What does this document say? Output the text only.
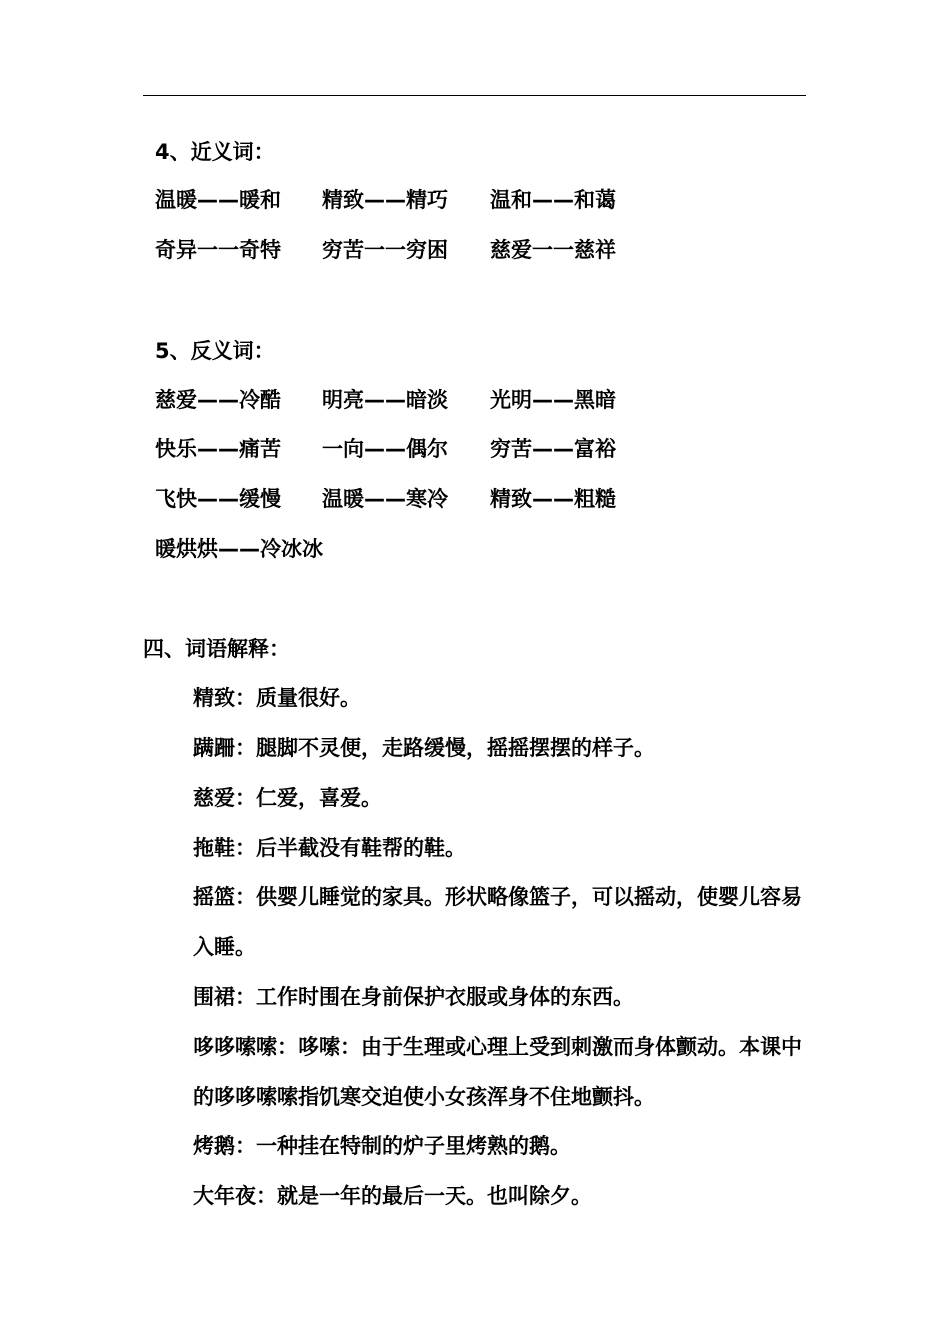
4、近义词：
温暖——暖和 精致——精巧 温和——和蔼
奇异一一奇特 穷苦一一穷困 慈爱一一慈祥
5、反义词：
慈爱——冷酷 明亮——暗淡 光明——黑暗
快乐——痛苦 一向——偶尔 穷苦——富裕
飞快——缓慢 温暖——寒冷 精致——粗糙
暖烘烘——冷冰冰
四、词语解释：
精致：质量很好。
蹒跚：腿脚不灵便，走路缓慢，摇摇摆摆的样子。
慈爱：仁爱，喜爱。
拖鞋：后半截没有鞋帮的鞋。
摇篮：供婴儿睡觉的家具。形状略像篮子，可以摇动，使婴儿容易入睡。
围裙：工作时围在身前保护衣服或身体的东西。
哆哆嗦嗦：哆嗦：由于生理或心理上受到刺激而身体颤动。本课中的哆哆嗦嗦指饥寒交迫使小女孩浑身不住地颤抖。
烤鹅：一种挂在特制的炉子里烤熟的鹅。
大年夜：就是一年的最后一天。也叫除夕。
